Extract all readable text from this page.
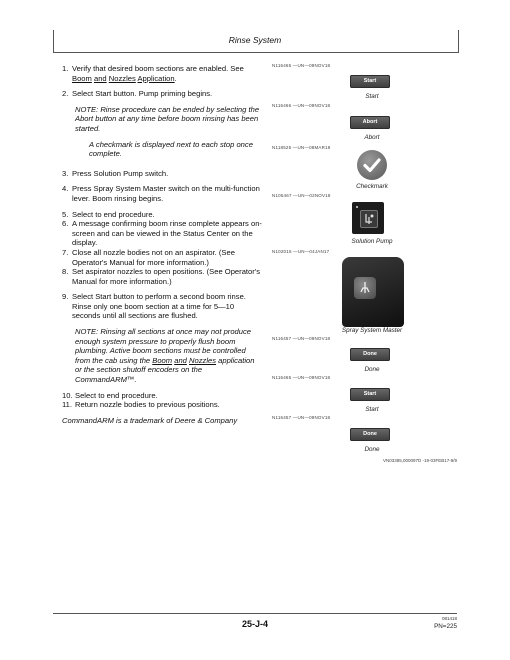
Rinse System
1. Verify that desired boom sections are enabled. See Boom and Nozzles Application.
2. Select Start button. Pump priming begins.
NOTE: Rinse procedure can be ended by selecting the Abort button at any time before boom rinsing has been started.
A checkmark is displayed next to each stop once complete.
3. Press Solution Pump switch.
4. Press Spray System Master switch on the multi-function lever. Boom rinsing begins.
5. Select to end procedure.
6. A message confirming boom rinse complete appears on-screen and can be viewed in the Status Center on the display.
7. Close all nozzle bodies not on an aspirator. (See Operator's Manual for more information.)
8. Set aspirator nozzles to open positions. (See Operator's Manual for more information.)
9. Select Start button to perform a second boom rinse. Rinse only one boom section at a time for 5—10 seconds until all sections are flushed.
NOTE: Rinsing all sections at once may not produce enough system pressure to properly flush boom plumbing. Active boom sections must be controlled from the cab using the Boom and Nozzles application or the section shutoff encoders on the CommandARM™.
10. Select to end procedure.
11. Return nozzle bodies to previous positions.
CommandARM is a trademark of Deere & Company
N116465 —UN—09NOV18
Start
Start
N116466 —UN—09NOV18
Abort
Abort
N118525 —UN—08MAR19
Checkmark
N105467 —UN—02NOV18
Solution Pump
N102015 —UN—04JAN17
Spray System Master
N116457 —UN—09NOV18
Done
Done
N116465 —UN—09NOV18
Start
Start
N116457 —UN—09NOV18
Done
Done
VN03385,000097D -19-03FEB17-9/9
25-J-4
081418
PN=225
